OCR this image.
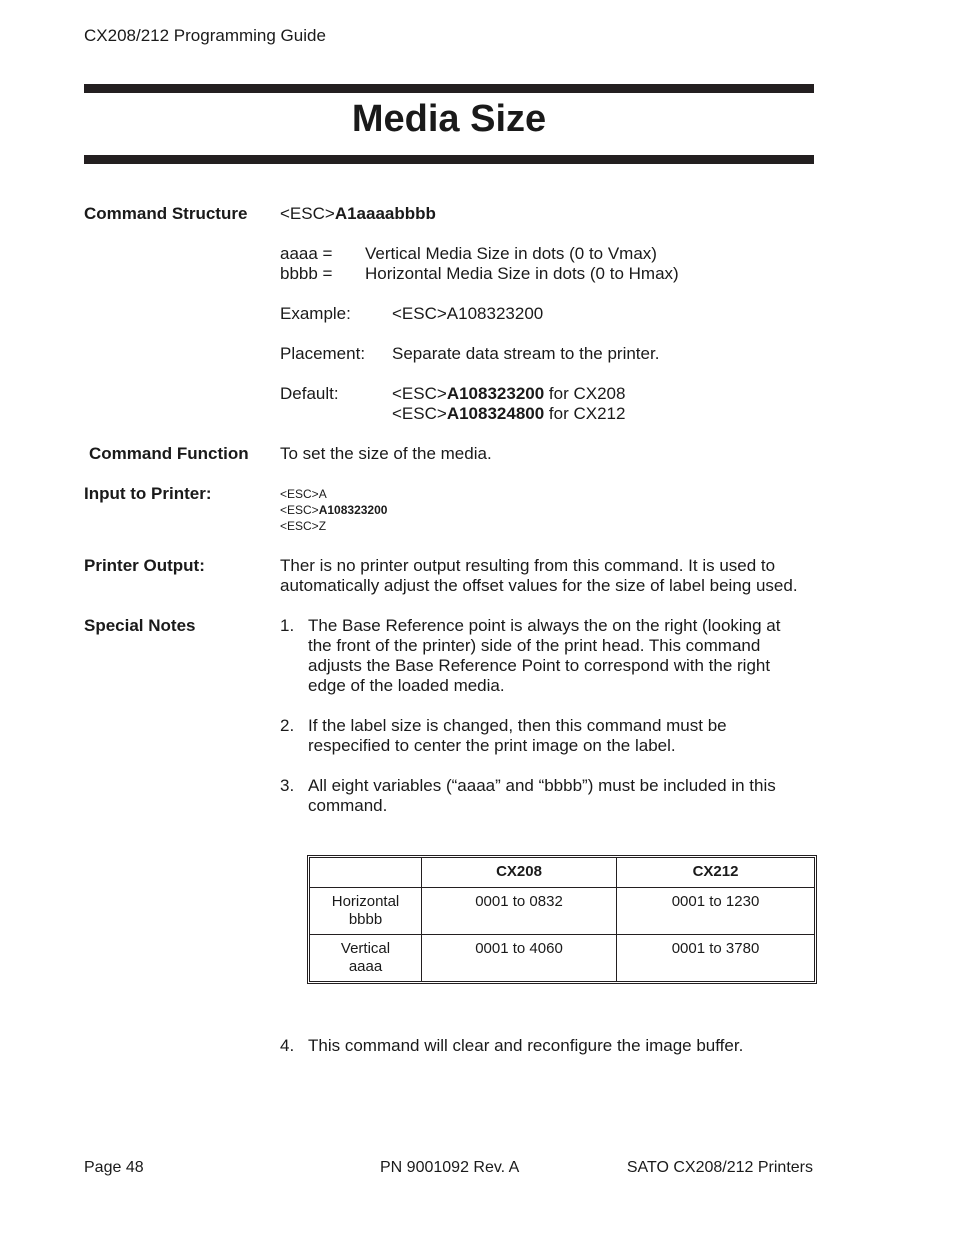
CX208/212 Programming Guide
Media Size
Command Structure <ESC>A1aaaabbbb
aaaa = Vertical Media Size in dots (0 to Vmax)
bbbb = Horizontal Media Size in dots (0 to Hmax)
Example: <ESC>A108323200
Placement: Separate data stream to the printer.
Default:	<ESC>A108323200 for CX208
<ESC>A108324800 for CX212
Command Function To set the size of the media.
Input to Printer:	<ESC>A
<ESC>A108323200
<ESC>Z
Printer Output:	Ther is no printer output resulting from this command. It is used to
automatically adjust the offset values for the size of label being used.
Special Notes	1. The Base Reference point is always the on the right (looking at
the front of the printer) side of the print head. This command
adjusts the Base Reference Point to correspond with the right
edge of the loaded media.
2. If the label size is changed, then this command must be
respecified to center the print image on the label.
3. All eight variables (“aaaa” and “bbbb”) must be included in this
command.
	CX208	CX212

Horizontal
bbbb	0001 to 0832	0001 to 1230

Vertical
aaaa	0001 to 4060	0001 to 3780
4. This command will clear and reconfigure the image buffer.
Page 48	PN 9001092 Rev. A	SATO CX208/212 Printers
